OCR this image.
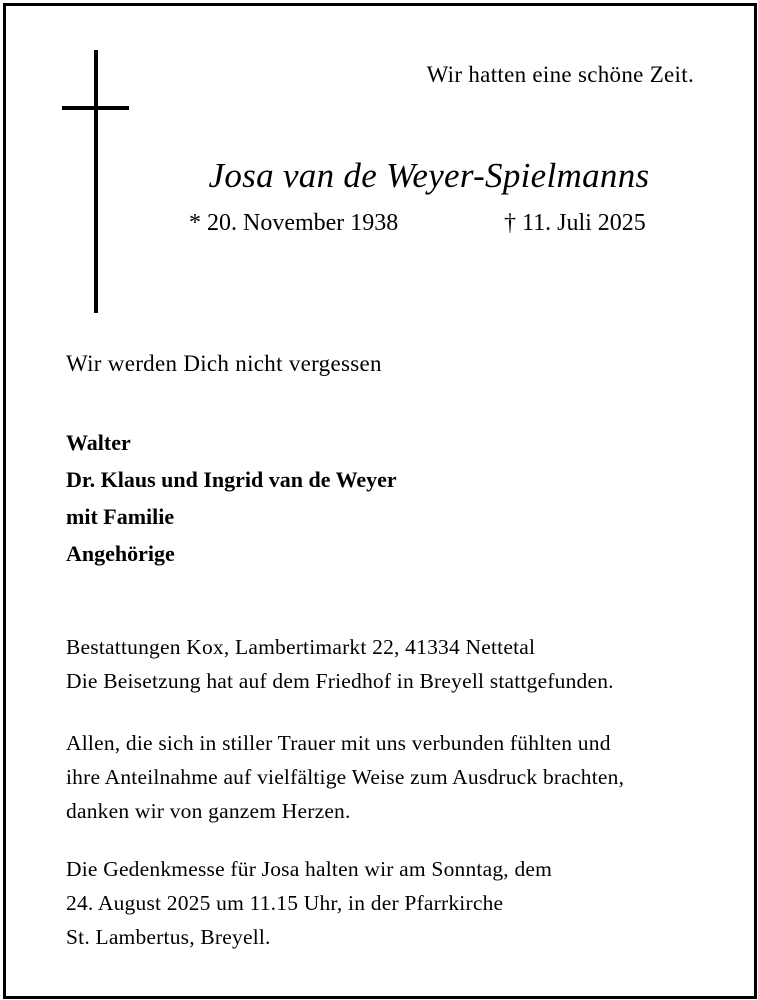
Wir hatten eine schöne Zeit.
Josa van de Weyer-Spielmanns
* 20. November 1938	† 11. Juli 2025
Wir werden Dich nicht vergessen
Walter
Dr. Klaus und Ingrid van de Weyer
mit Familie
Angehörige
Bestattungen Kox, Lambertimarkt 22, 41334 Nettetal
Die Beisetzung hat auf dem Friedhof in Breyell stattgefunden.
Allen, die sich in stiller Trauer mit uns verbunden fühlten und
ihre Anteilnahme auf vielfältige Weise zum Ausdruck brachten,
danken wir von ganzem Herzen.
Die Gedenkmesse für Josa halten wir am Sonntag, dem
24. August 2025 um 11.15 Uhr, in der Pfarrkirche
St. Lambertus, Breyell.
